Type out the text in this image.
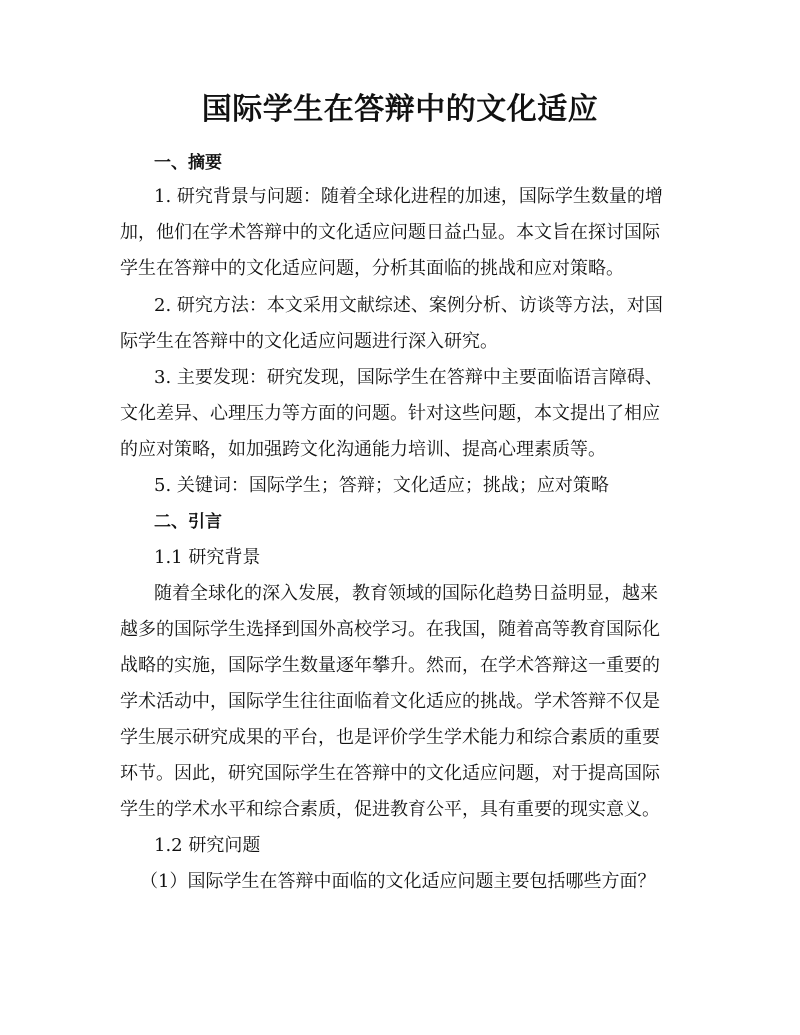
国际学生在答辩中的文化适应

一、摘要

1. 研究背景与问题：随着全球化进程的加速，国际学生数量的增

加，他们在学术答辩中的文化适应问题日益凸显。本文旨在探讨国际

学生在答辩中的文化适应问题，分析其面临的挑战和应对策略。

2. 研究方法：本文采用文献综述、案例分析、访谈等方法，对国

际学生在答辩中的文化适应问题进行深入研究。

3. 主要发现：研究发现，国际学生在答辩中主要面临语言障碍、

文化差异、心理压力等方面的问题。针对这些问题，本文提出了相应

的应对策略，如加强跨文化沟通能力培训、提高心理素质等。

5. 关键词：国际学生；答辩；文化适应；挑战；应对策略

二、引言

1.1 研究背景

随着全球化的深入发展，教育领域的国际化趋势日益明显，越来

越多的国际学生选择到国外高校学习。在我国，随着高等教育国际化

战略的实施，国际学生数量逐年攀升。然而，在学术答辩这一重要的

学术活动中，国际学生往往面临着文化适应的挑战。学术答辩不仅是

学生展示研究成果的平台，也是评价学生学术能力和综合素质的重要

环节。因此，研究国际学生在答辩中的文化适应问题，对于提高国际

学生的学术水平和综合素质，促进教育公平，具有重要的现实意义。

1.2 研究问题

（1）国际学生在答辩中面临的文化适应问题主要包括哪些方面？
